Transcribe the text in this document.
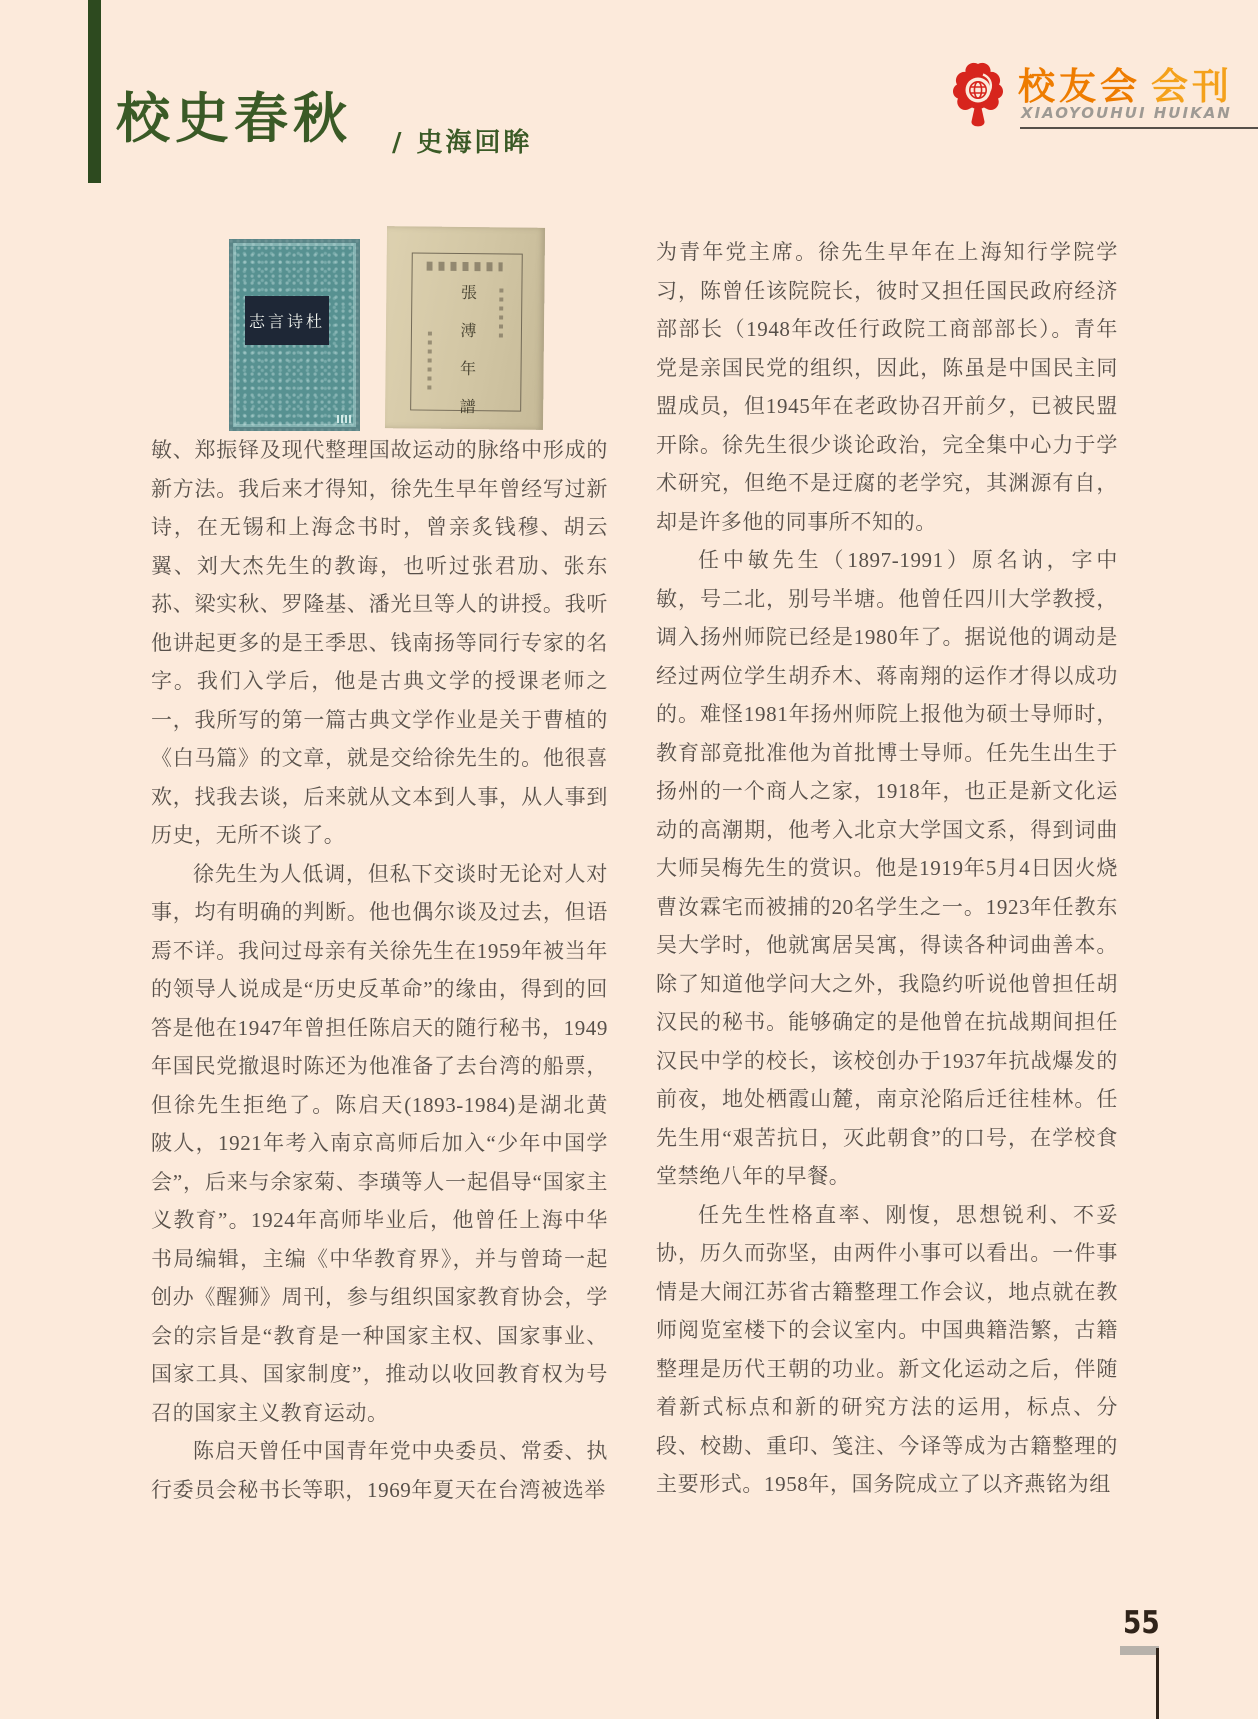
校史春秋 / 史海回眸
校友会 会刊
XIAOYOUHUI HUIKAN
志言诗杜	張溥年譜

敏、郑振铎及现代整理国故运动的脉络中形成的新方法。我后来才得知，徐先生早年曾经写过新诗，在无锡和上海念书时，曾亲炙钱穆、胡云翼、刘大杰先生的教诲，也听过张君劢、张东荪、梁实秋、罗隆基、潘光旦等人的讲授。我听他讲起更多的是王季思、钱南扬等同行专家的名字。我们入学后，他是古典文学的授课老师之一，我所写的第一篇古典文学作业是关于曹植的《白马篇》的文章，就是交给徐先生的。他很喜欢，找我去谈，后来就从文本到人事，从人事到历史，无所不谈了。

徐先生为人低调，但私下交谈时无论对人对事，均有明确的判断。他也偶尔谈及过去，但语焉不详。我问过母亲有关徐先生在1959年被当年的领导人说成是“历史反革命”的缘由，得到的回答是他在1947年曾担任陈启天的随行秘书，1949年国民党撤退时陈还为他准备了去台湾的船票，但徐先生拒绝了。陈启天(1893-1984)是湖北黄陂人，1921年考入南京高师后加入“少年中国学会”，后来与余家菊、李璜等人一起倡导“国家主义教育”。1924年高师毕业后，他曾任上海中华书局编辑，主编《中华教育界》，并与曾琦一起创办《醒狮》周刊，参与组织国家教育协会，学会的宗旨是“教育是一种国家主权、国家事业、国家工具、国家制度”，推动以收回教育权为号召的国家主义教育运动。

陈启天曾任中国青年党中央委员、常委、执行委员会秘书长等职，1969年夏天在台湾被选举

为青年党主席。徐先生早年在上海知行学院学习，陈曾任该院院长，彼时又担任国民政府经济部部长（1948年改任行政院工商部部长）。青年党是亲国民党的组织，因此，陈虽是中国民主同盟成员，但1945年在老政协召开前夕，已被民盟开除。徐先生很少谈论政治，完全集中心力于学术研究，但绝不是迂腐的老学究，其渊源有自，却是许多他的同事所不知的。

任中敏先生（1897-1991）原名讷，字中敏，号二北，别号半塘。他曾任四川大学教授，调入扬州师院已经是1980年了。据说他的调动是经过两位学生胡乔木、蒋南翔的运作才得以成功的。难怪1981年扬州师院上报他为硕士导师时，教育部竟批准他为首批博士导师。任先生出生于扬州的一个商人之家，1918年，也正是新文化运动的高潮期，他考入北京大学国文系，得到词曲大师吴梅先生的赏识。他是1919年5月4日因火烧曹汝霖宅而被捕的20名学生之一。1923年任教东吴大学时，他就寓居吴寓，得读各种词曲善本。除了知道他学问大之外，我隐约听说他曾担任胡汉民的秘书。能够确定的是他曾在抗战期间担任汉民中学的校长，该校创办于1937年抗战爆发的前夜，地处栖霞山麓，南京沦陷后迁往桂林。任先生用“艰苦抗日，灭此朝食”的口号，在学校食堂禁绝八年的早餐。

任先生性格直率、刚愎，思想锐利、不妥协，历久而弥坚，由两件小事可以看出。一件事情是大闹江苏省古籍整理工作会议，地点就在教师阅览室楼下的会议室内。中国典籍浩繁，古籍整理是历代王朝的功业。新文化运动之后，伴随着新式标点和新的研究方法的运用，标点、分段、校勘、重印、笺注、今译等成为古籍整理的主要形式。1958年，国务院成立了以齐燕铭为组

55
